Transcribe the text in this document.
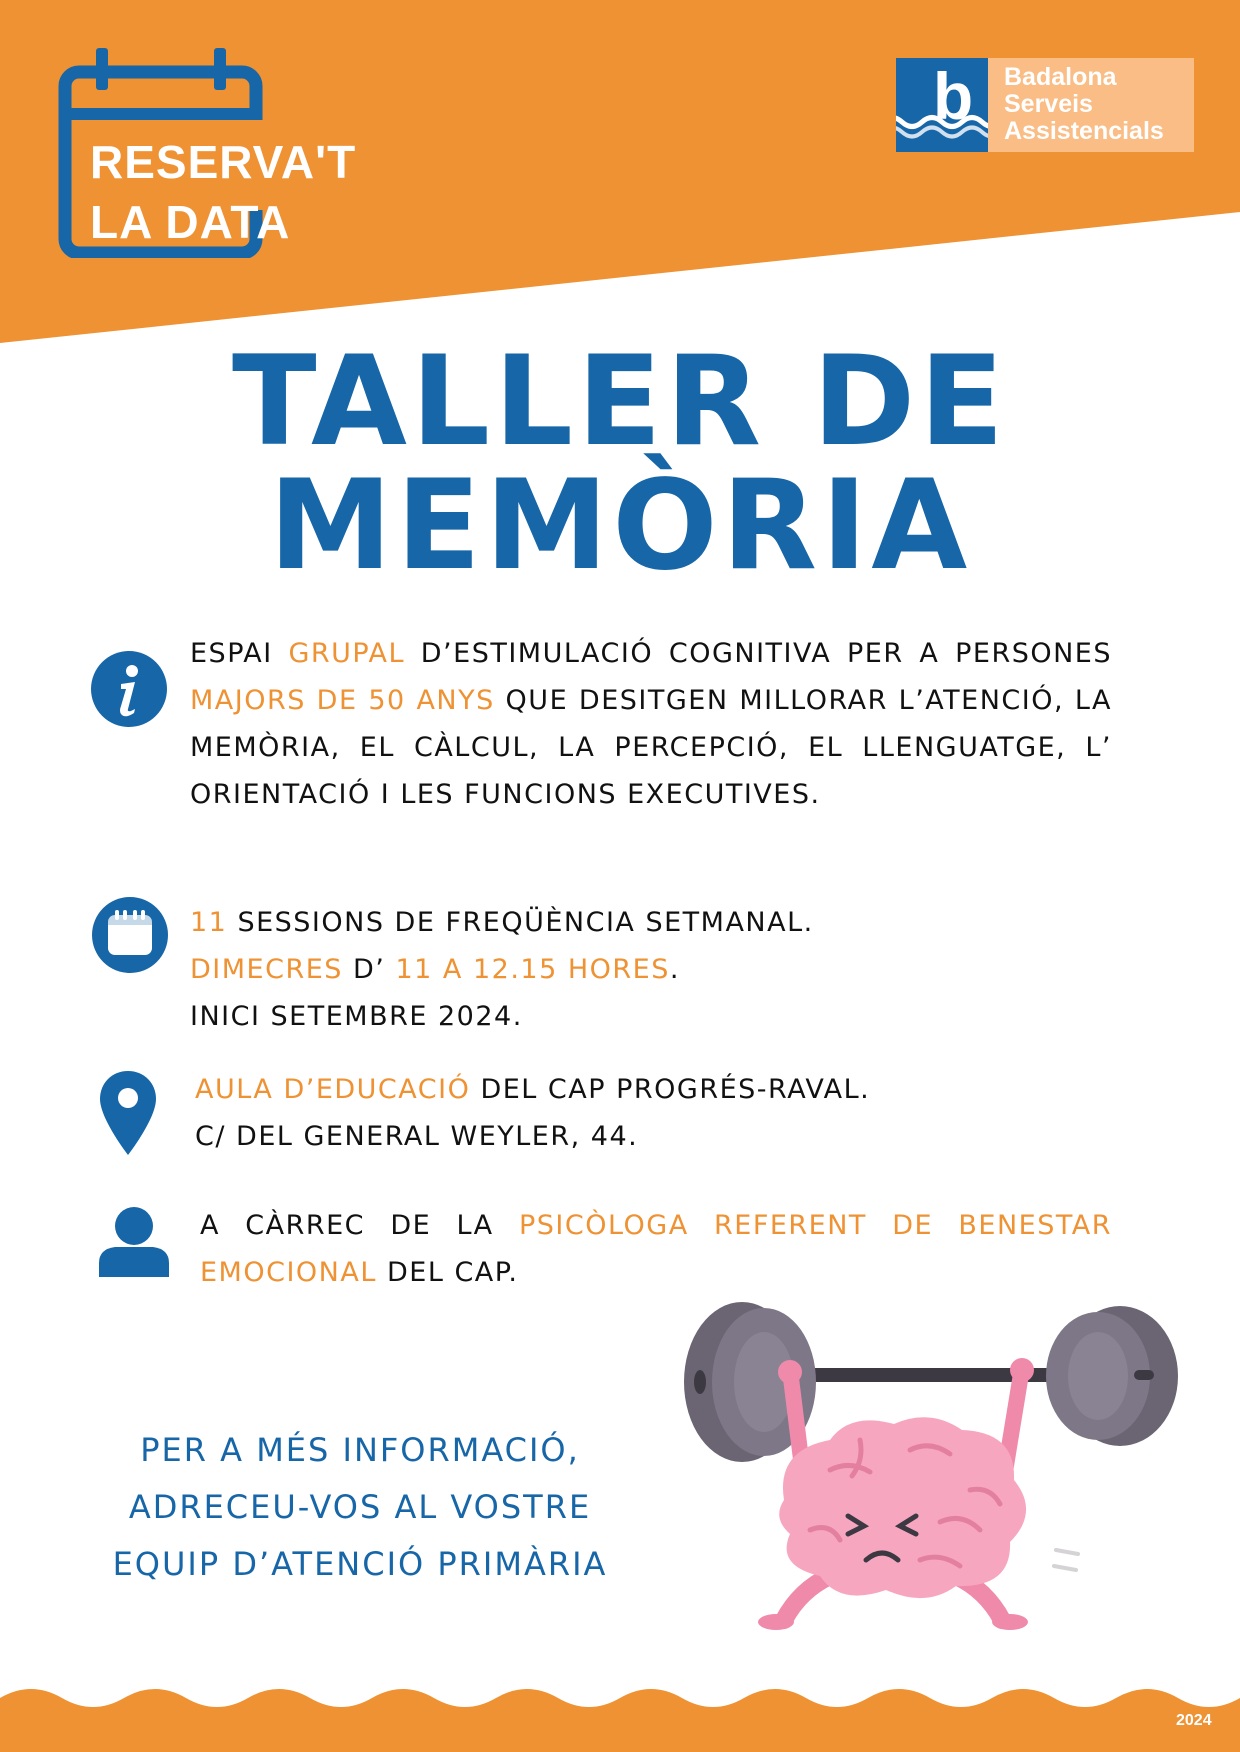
RESERVA'T
LA DATA
b Badalona
Serveis
Assistencials
TALLER DE
MEMÒRIA
ESPAI GRUPAL D’ESTIMULACIÓ COGNITIVA PER A PERSONES MAJORS DE 50 ANYS QUE DESITGEN MILLORAR L’ATENCIÓ, LA MEMÒRIA, EL CÀLCUL, LA PERCEPCIÓ, EL LLENGUATGE, L’ ORIENTACIÓ I LES FUNCIONS EXECUTIVES.
11 SESSIONS DE FREQÜÈNCIA SETMANAL.
DIMECRES D’ 11 A 12.15 HORES.
INICI SETEMBRE 2024.
AULA D’EDUCACIÓ DEL CAP PROGRÉS-RAVAL.
C/ DEL GENERAL WEYLER, 44.
A CÀRREC DE LA PSICÒLOGA REFERENT DE BENESTAR EMOCIONAL DEL CAP.
PER A MÉS INFORMACIÓ,
ADRECEU-VOS AL VOSTRE
EQUIP D’ATENCIÓ PRIMÀRIA
2024
